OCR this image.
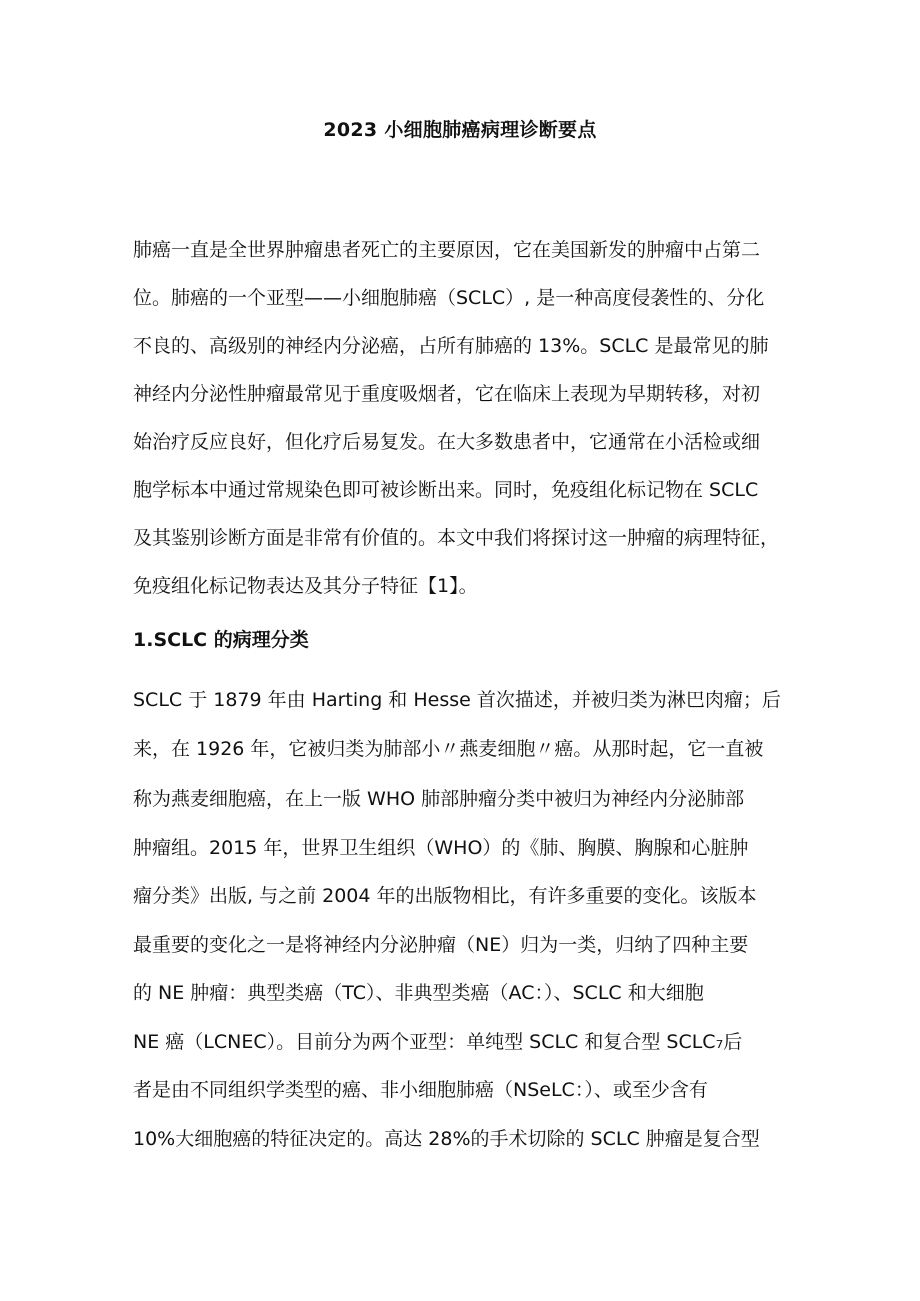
2023 小细胞肺癌病理诊断要点
肺癌一直是全世界肿瘤患者死亡的主要原因，它在美国新发的肿瘤中占第二
位。肺癌的一个亚型——小细胞肺癌（SCLC）, 是一种高度侵袭性的、分化
不良的、高级别的神经内分泌癌，占所有肺癌的 13%。SCLC 是最常见的肺
神经内分泌性肿瘤最常见于重度吸烟者，它在临床上表现为早期转移，对初
始治疗反应良好，但化疗后易复发。在大多数患者中，它通常在小活检或细
胞学标本中通过常规染色即可被诊断出来。同时，免疫组化标记物在 SCLC
及其鉴别诊断方面是非常有价值的。本文中我们将探讨这一肿瘤的病理特征，
免疫组化标记物表达及其分子特征【1】。
1.SCLC 的病理分类
SCLC 于 1879 年由 Harting 和 Hesse 首次描述，并被归类为淋巴肉瘤；后
来，在 1926 年，它被归类为肺部小〃燕麦细胞〃癌。从那时起，它一直被
称为燕麦细胞癌，在上一版 WHO 肺部肿瘤分类中被归为神经内分泌肺部
肿瘤组。2015 年，世界卫生组织（WHO）的《肺、胸膜、胸腺和心脏肿
瘤分类》出版, 与之前 2004 年的出版物相比，有许多重要的变化。该版本
最重要的变化之一是将神经内分泌肿瘤（NE）归为一类，归纳了四种主要
的 NE 肿瘤：典型类癌（TC）、非典型类癌（AC：）、SCLC 和大细胞
NE 癌（LCNEC）。目前分为两个亚型：单纯型 SCLC 和复合型 SCLC₇后
者是由不同组织学类型的癌、非小细胞肺癌（NSeLC：）、或至少含有
10%大细胞癌的特征决定的。高达 28%的手术切除的 SCLC 肿瘤是复合型
